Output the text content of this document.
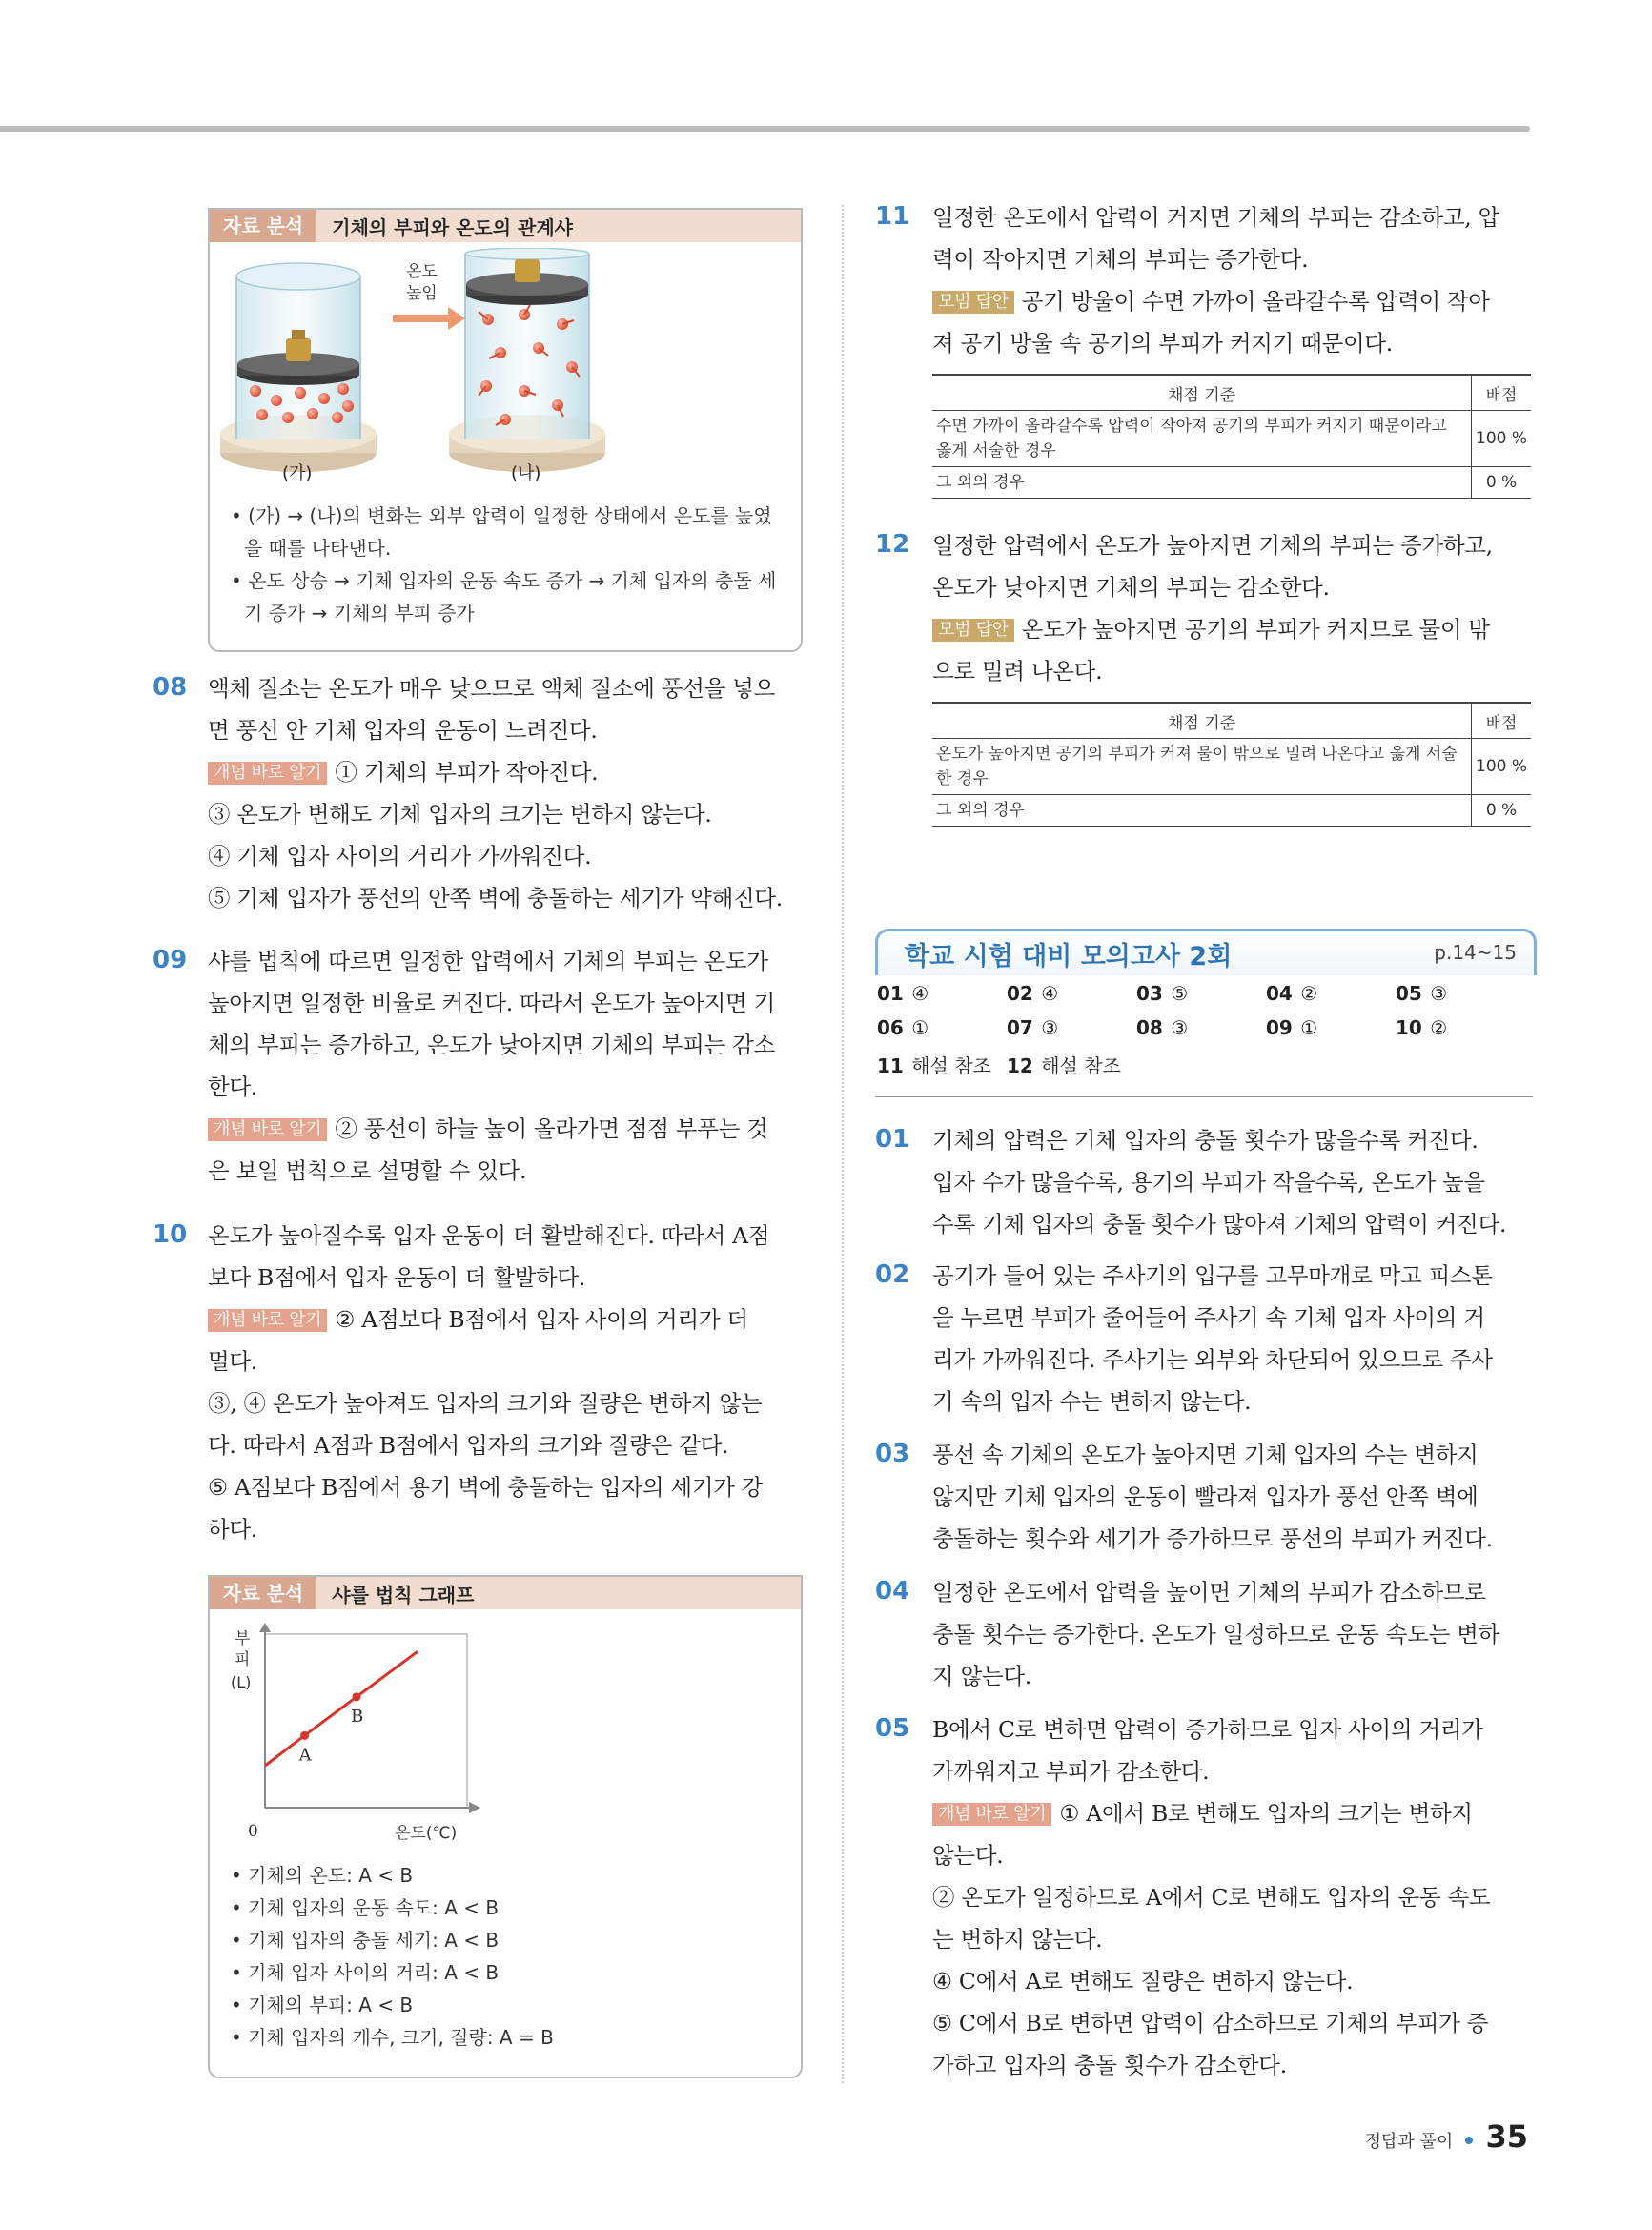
자료 분석	기체의 부피와 온도의 관계샤
온도
높임
(가)	(나)
• (가) → (나)의 변화는 외부 압력이 일정한 상태에서 온도를 높였을 때를 나타낸다.
• 온도 상승 → 기체 입자의 운동 속도 증가 → 기체 입자의 충돌 세기 증가 → 기체의 부피 증가
08 액체 질소는 온도가 매우 낮으므로 액체 질소에 풍선을 넣으
면 풍선 안 기체 입자의 운동이 느려진다.
개념 바로 알기 ① 기체의 부피가 작아진다.
③ 온도가 변해도 기체 입자의 크기는 변하지 않는다.
④ 기체 입자 사이의 거리가 가까워진다.
⑤ 기체 입자가 풍선의 안쪽 벽에 충돌하는 세기가 약해진다.
09 샤를 법칙에 따르면 일정한 압력에서 기체의 부피는 온도가
높아지면 일정한 비율로 커진다. 따라서 온도가 높아지면 기
체의 부피는 증가하고, 온도가 낮아지면 기체의 부피는 감소
한다.
개념 바로 알기 ② 풍선이 하늘 높이 올라가면 점점 부푸는 것
은 보일 법칙으로 설명할 수 있다.
10 온도가 높아질수록 입자 운동이 더 활발해진다. 따라서 A점
보다 B점에서 입자 운동이 더 활발하다.
개념 바로 알기 ② A점보다 B점에서 입자 사이의 거리가 더
멀다.
③, ④ 온도가 높아져도 입자의 크기와 질량은 변하지 않는
다. 따라서 A점과 B점에서 입자의 크기와 질량은 같다.
⑤ A점보다 B점에서 용기 벽에 충돌하는 입자의 세기가 강
하다.
자료 분석	샤를 법칙 그래프
부
피
(L)
0	온도(℃)
A
B
• 기체의 온도: A < B
• 기체 입자의 운동 속도: A < B
• 기체 입자의 충돌 세기: A < B
• 기체 입자 사이의 거리: A < B
• 기체의 부피: A < B
• 기체 입자의 개수, 크기, 질량: A = B
11 일정한 온도에서 압력이 커지면 기체의 부피는 감소하고, 압
력이 작아지면 기체의 부피는 증가한다.
모범 답안 공기 방울이 수면 가까이 올라갈수록 압력이 작아
져 공기 방울 속 공기의 부피가 커지기 때문이다.
채점 기준	배점
수면 가까이 올라갈수록 압력이 작아져 공기의 부피가 커지기 때문이라고 옳게 서술한 경우	100 %
그 외의 경우	0 %
12 일정한 압력에서 온도가 높아지면 기체의 부피는 증가하고,
온도가 낮아지면 기체의 부피는 감소한다.
모범 답안 온도가 높아지면 공기의 부피가 커지므로 물이 밖
으로 밀려 나온다.
채점 기준	배점
온도가 높아지면 공기의 부피가 커져 물이 밖으로 밀려 나온다고 옳게 서술한 경우	100 %
그 외의 경우	0 %
학교 시험 대비 모의고사 2회	p.14~15
01 ④	02 ④	03 ⑤	04 ②	05 ③
06 ①	07 ③	08 ③	09 ①	10 ②
11 해설 참조 12 해설 참조
01 기체의 압력은 기체 입자의 충돌 횟수가 많을수록 커진다.
입자 수가 많을수록, 용기의 부피가 작을수록, 온도가 높을
수록 기체 입자의 충돌 횟수가 많아져 기체의 압력이 커진다.
02 공기가 들어 있는 주사기의 입구를 고무마개로 막고 피스톤
을 누르면 부피가 줄어들어 주사기 속 기체 입자 사이의 거
리가 가까워진다. 주사기는 외부와 차단되어 있으므로 주사
기 속의 입자 수는 변하지 않는다.
03 풍선 속 기체의 온도가 높아지면 기체 입자의 수는 변하지
않지만 기체 입자의 운동이 빨라져 입자가 풍선 안쪽 벽에
충돌하는 횟수와 세기가 증가하므로 풍선의 부피가 커진다.
04 일정한 온도에서 압력을 높이면 기체의 부피가 감소하므로
충돌 횟수는 증가한다. 온도가 일정하므로 운동 속도는 변하
지 않는다.
05 B에서 C로 변하면 압력이 증가하므로 입자 사이의 거리가
가까워지고 부피가 감소한다.
개념 바로 알기 ① A에서 B로 변해도 입자의 크기는 변하지
않는다.
② 온도가 일정하므로 A에서 C로 변해도 입자의 운동 속도
는 변하지 않는다.
④ C에서 A로 변해도 질량은 변하지 않는다.
⑤ C에서 B로 변하면 압력이 감소하므로 기체의 부피가 증
가하고 입자의 충돌 횟수가 감소한다.
정답과 풀이 35
